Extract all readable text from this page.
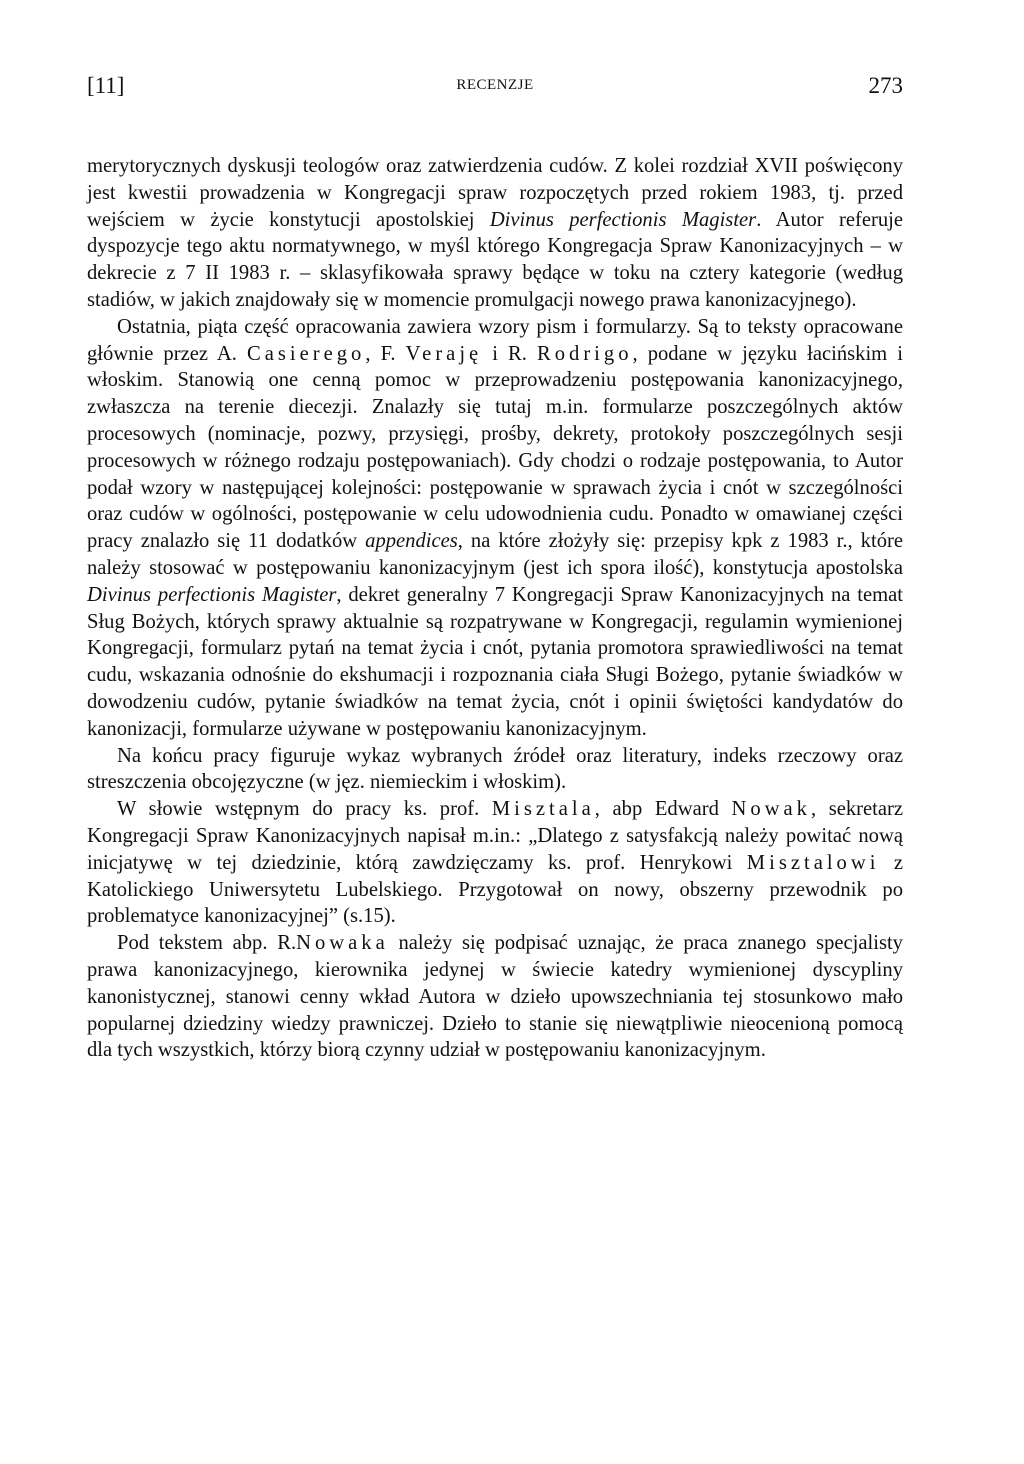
[11]	RECENZJE	273

merytorycznych dyskusji teologów oraz zatwierdzenia cudów. Z kolei rozdział XVII poświęcony jest kwestii prowadzenia w Kongregacji spraw rozpoczętych przed rokiem 1983, tj. przed wejściem w życie konstytucji apostolskiej Divinus perfectionis Magister. Autor referuje dyspozycje tego aktu normatywnego, w myśl którego Kongregacja Spraw Kanonizacyjnych – w dekrecie z 7 II 1983 r. – sklasyfikowała sprawy będące w toku na cztery kategorie (według stadiów, w jakich znajdowały się w momencie promulgacji nowego prawa kanonizacyjnego).

Ostatnia, piąta część opracowania zawiera wzory pism i formularzy. Są to teksty opracowane głównie przez A. Casierego, F. Veraję i R. Rodrigo, podane w języku łacińskim i włoskim. Stanowią one cenną pomoc w przeprowadzeniu postępowania kanonizacyjnego, zwłaszcza na terenie diecezji. Znalazły się tutaj m.in. formularze poszczególnych aktów procesowych (nominacje, pozwy, przysięgi, prośby, dekrety, protokoły poszczególnych sesji procesowych w różnego rodzaju postępowaniach). Gdy chodzi o rodzaje postępowania, to Autor podał wzory w następującej kolejności: postępowanie w sprawach życia i cnót w szczególności oraz cudów w ogólności, postępowanie w celu udowodnienia cudu. Ponadto w omawianej części pracy znalazło się 11 dodatków appendices, na które złożyły się: przepisy kpk z 1983 r., które należy stosować w postępowaniu kanonizacyjnym (jest ich spora ilość), konstytucja apostolska Divinus perfectionis Magister, dekret generalny 7 Kongregacji Spraw Kanonizacyjnych na temat Sług Bożych, których sprawy aktualnie są rozpatrywane w Kongregacji, regulamin wymienionej Kongregacji, formularz pytań na temat życia i cnót, pytania promotora sprawiedliwości na temat cudu, wskazania odnośnie do ekshumacji i rozpoznania ciała Sługi Bożego, pytanie świadków w dowodzeniu cudów, pytanie świadków na temat życia, cnót i opinii świętości kandydatów do kanonizacji, formularze używane w postępowaniu kanonizacyjnym.

Na końcu pracy figuruje wykaz wybranych źródeł oraz literatury, indeks rzeczowy oraz streszczenia obcojęzyczne (w jęz. niemieckim i włoskim).

W słowie wstępnym do pracy ks. prof. Misztala, abp Edward Nowak, sekretarz Kongregacji Spraw Kanonizacyjnych napisał m.in.: „Dlatego z satysfakcją należy powitać nową inicjatywę w tej dziedzinie, którą zawdzięczamy ks. prof. Henrykowi Misztalowi z Katolickiego Uniwersytetu Lubelskiego. Przygotował on nowy, obszerny przewodnik po problematyce kanonizacyjnej” (s.15).

Pod tekstem abp. R.Nowaka należy się podpisać uznając, że praca znanego specjalisty prawa kanonizacyjnego, kierownika jedynej w świecie katedry wymienionej dyscypliny kanonistycznej, stanowi cenny wkład Autora w dzieło upowszechniania tej stosunkowo mało popularnej dziedziny wiedzy prawniczej. Dzieło to stanie się niewątpliwie nieocenioną pomocą dla tych wszystkich, którzy biorą czynny udział w postępowaniu kanonizacyjnym.
